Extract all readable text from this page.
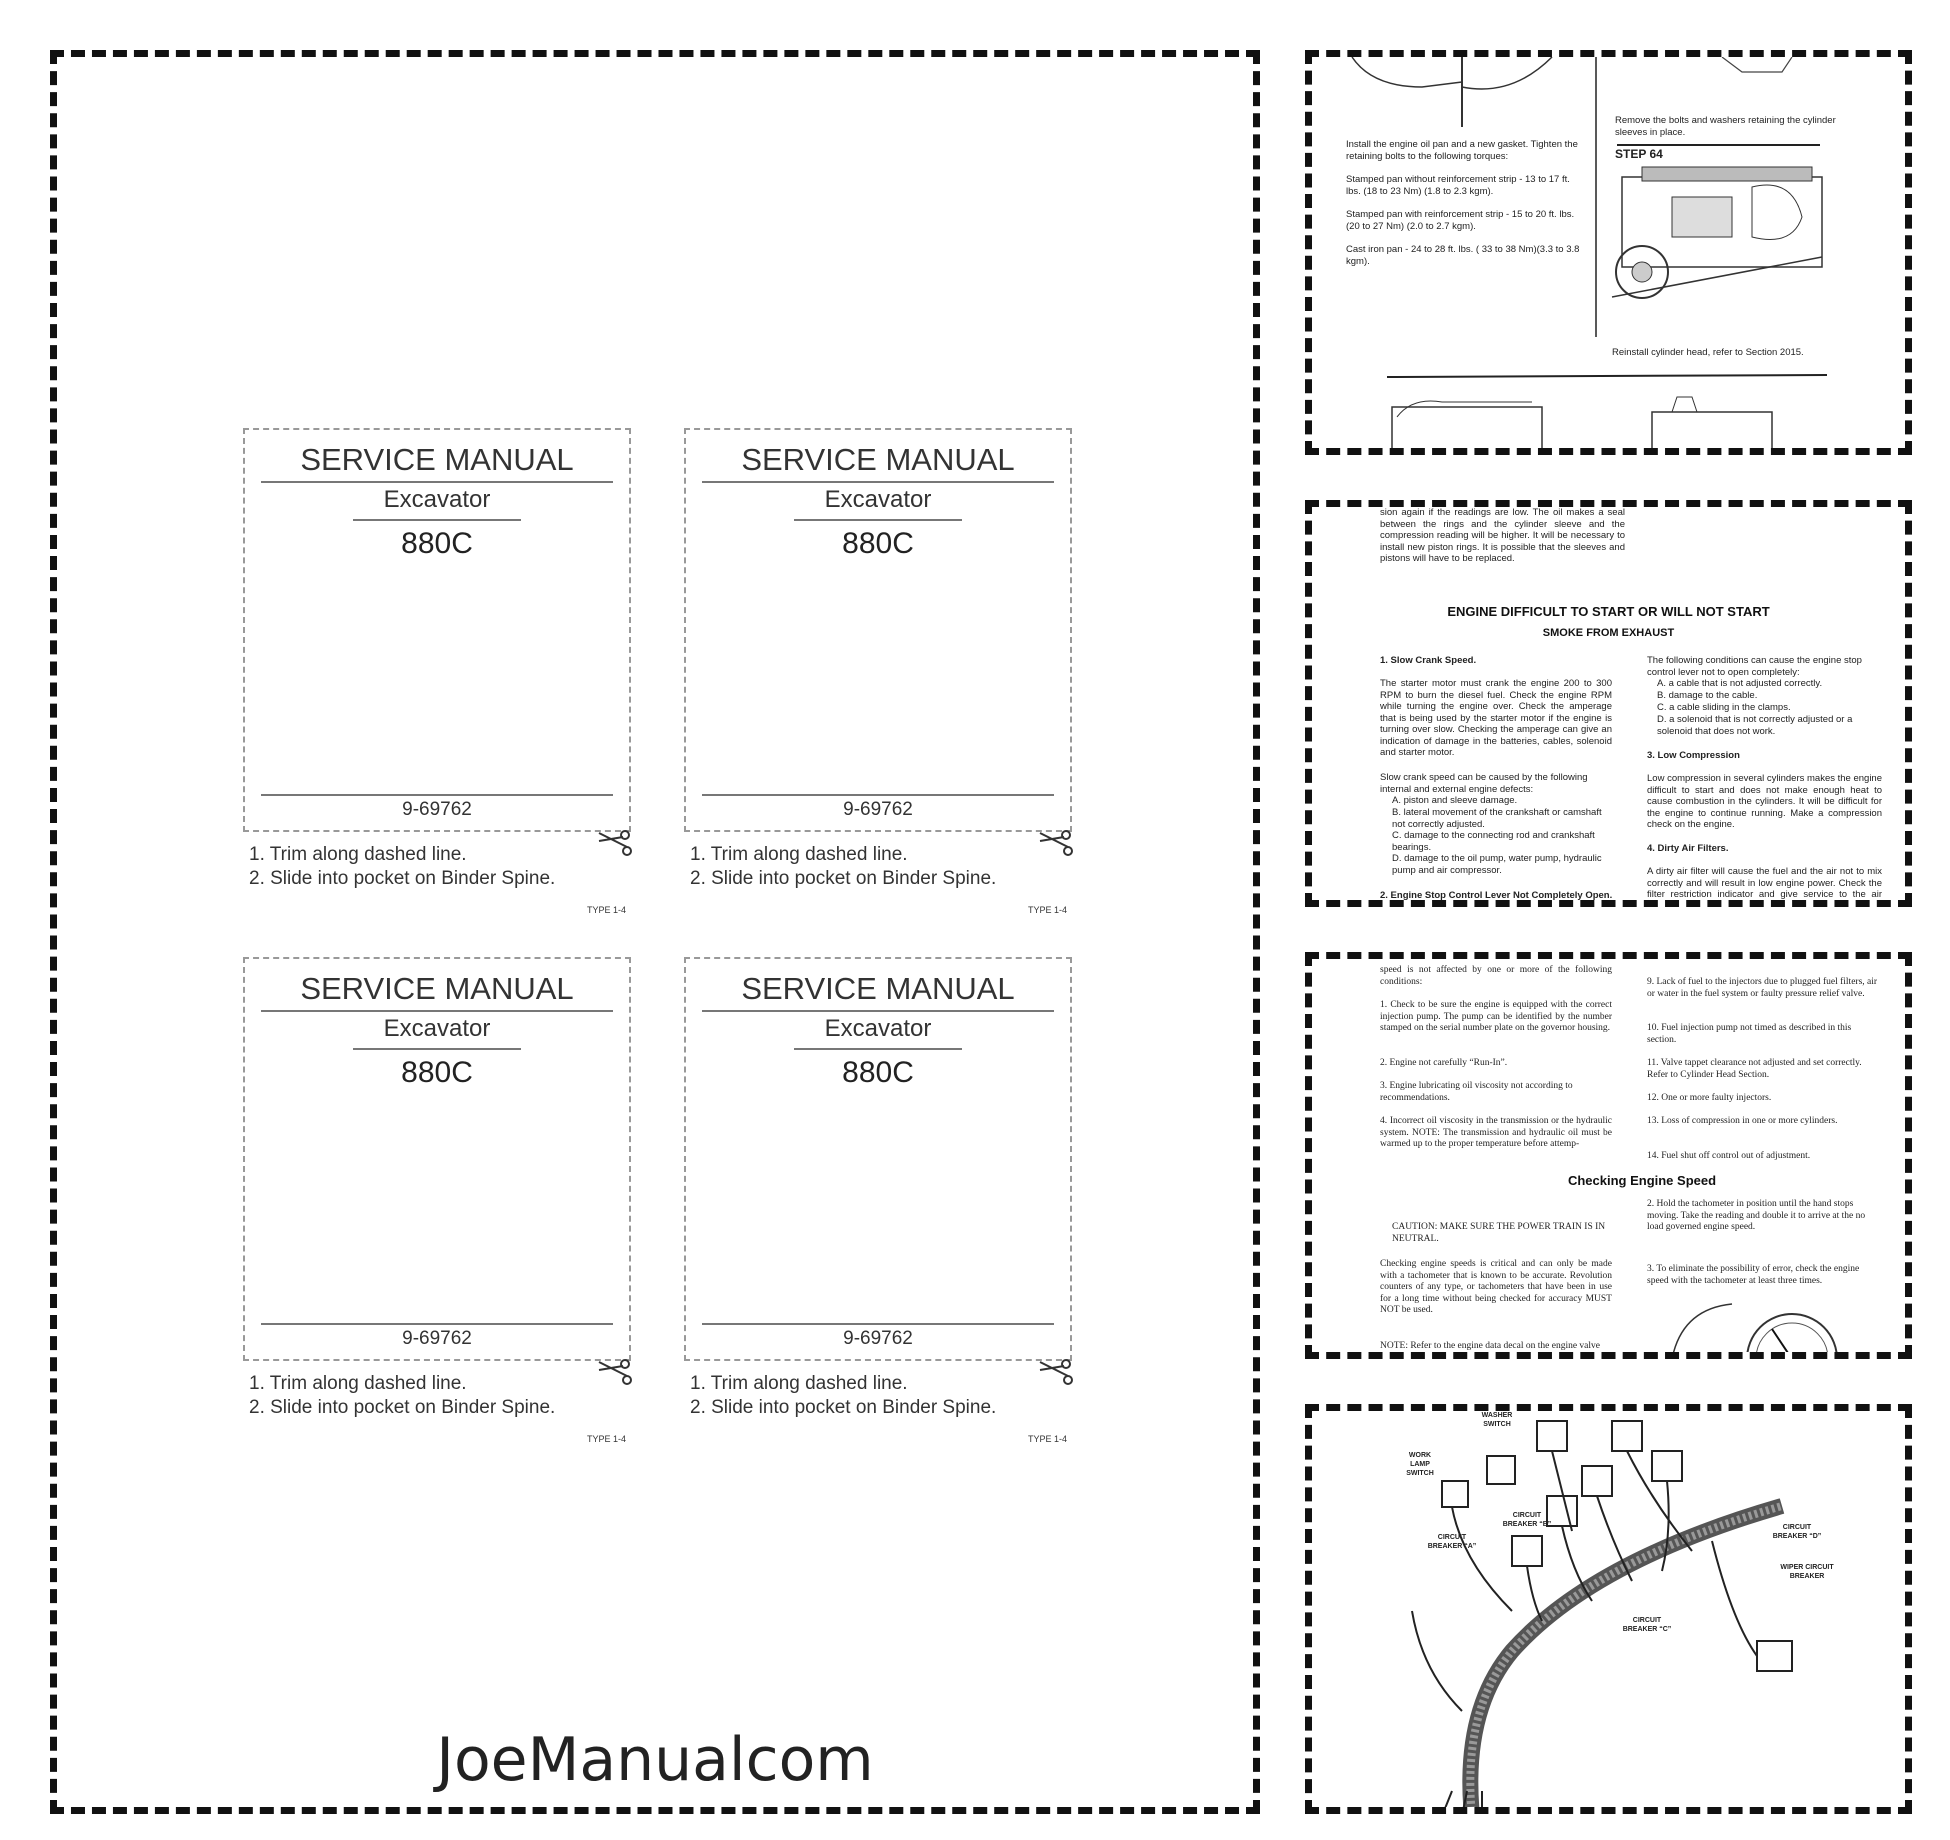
SERVICE MANUAL
Excavator
880C
9-69762
1. Trim along dashed line.
2. Slide into pocket on Binder Spine.
TYPE 1-4
SERVICE MANUAL
Excavator
880C
9-69762
1. Trim along dashed line.
2. Slide into pocket on Binder Spine.
TYPE 1-4
SERVICE MANUAL
Excavator
880C
9-69762
1. Trim along dashed line.
2. Slide into pocket on Binder Spine.
TYPE 1-4
SERVICE MANUAL
Excavator
880C
9-69762
1. Trim along dashed line.
2. Slide into pocket on Binder Spine.
TYPE 1-4
JoeManualcom
Install the engine oil pan and a new gasket. Tighten the retaining bolts to the following torques:
Stamped pan without reinforcement strip - 13 to 17 ft. lbs. (18 to 23 Nm) (1.8 to 2.3 kgm).
Stamped pan with reinforcement strip - 15 to 20 ft. lbs. (20 to 27 Nm) (2.0 to 2.7 kgm).
Cast iron pan - 24 to 28 ft. lbs. ( 33 to 38 Nm)(3.3 to 3.8 kgm).
Remove the bolts and washers retaining the cylinder sleeves in place.
STEP 64
Reinstall cylinder head, refer to Section 2015.
sion again if the readings are low. The oil makes a seal between the rings and the cylinder sleeve and the compression reading will be higher. It will be necessary to install new piston rings. It is possible that the sleeves and pistons will have to be replaced.
ENGINE DIFFICULT TO START OR WILL NOT START
SMOKE FROM EXHAUST
1. Slow Crank Speed.
The starter motor must crank the engine 200 to 300 RPM to burn the diesel fuel. Check the engine RPM while turning the engine over. Check the amperage that is being used by the starter motor if the engine is turning over slow. Checking the amperage can give an indication of damage in the batteries, cables, solenoid and starter motor.
Slow crank speed can be caused by the following internal and external engine defects:
A. piston and sleeve damage.
B. lateral movement of the crankshaft or camshaft not correctly adjusted.
C. damage to the connecting rod and crankshaft bearings.
D. damage to the oil pump, water pump, hydraulic pump and air compressor.
2. Engine Stop Control Lever Not Completely Open.
The following conditions can cause the engine stop control lever not to open completely:
A. a cable that is not adjusted correctly.
B. damage to the cable.
C. a cable sliding in the clamps.
D. a solenoid that is not correctly adjusted or a solenoid that does not work.
3. Low Compression
Low compression in several cylinders makes the engine difficult to start and does not make enough heat to cause combustion in the cylinders. It will be difficult for the engine to continue running. Make a compression check on the engine.
4. Dirty Air Filters.
A dirty air filter will cause the fuel and the air not to mix correctly and will result in low engine power. Check the filter restriction indicator and give service to the air filters, if required.
speed is not affected by one or more of the following conditions:
1. Check to be sure the engine is equipped with the correct injection pump. The pump can be identified by the number stamped on the serial number plate on the governor housing.
2. Engine not carefully “Run-In”.
3. Engine lubricating oil viscosity not according to recommendations.
4. Incorrect oil viscosity in the transmission or the hydraulic system. NOTE: The transmission and hydraulic oil must be warmed up to the proper temperature before attemp-
9. Lack of fuel to the injectors due to plugged fuel filters, air or water in the fuel system or faulty pressure relief valve.
10. Fuel injection pump not timed as described in this section.
11. Valve tappet clearance not adjusted and set correctly. Refer to Cylinder Head Section.
12. One or more faulty injectors.
13. Loss of compression in one or more cylinders.
14. Fuel shut off control out of adjustment.
Checking Engine Speed
CAUTION: MAKE SURE THE POWER TRAIN IS IN NEUTRAL.
Checking engine speeds is critical and can only be made with a tachometer that is known to be accurate. Revolution counters of any type, or tachometers that have been in use for a long time without being checked for accuracy MUST NOT be used.
NOTE: Refer to the engine data decal on the engine valve cover for the engine no load
2. Hold the tachometer in position until the hand stops moving. Take the reading and double it to arrive at the no load governed engine speed.
3. To eliminate the possibility of error, check the engine speed with the tachometer at least three times.
WASHER SWITCH
WORK LAMP SWITCH
CIRCUIT BREAKER “B”
CIRCUIT BREAKER “A”
CIRCUIT BREAKER “D”
WIPER CIRCUIT BREAKER
CIRCUIT BREAKER “C”
